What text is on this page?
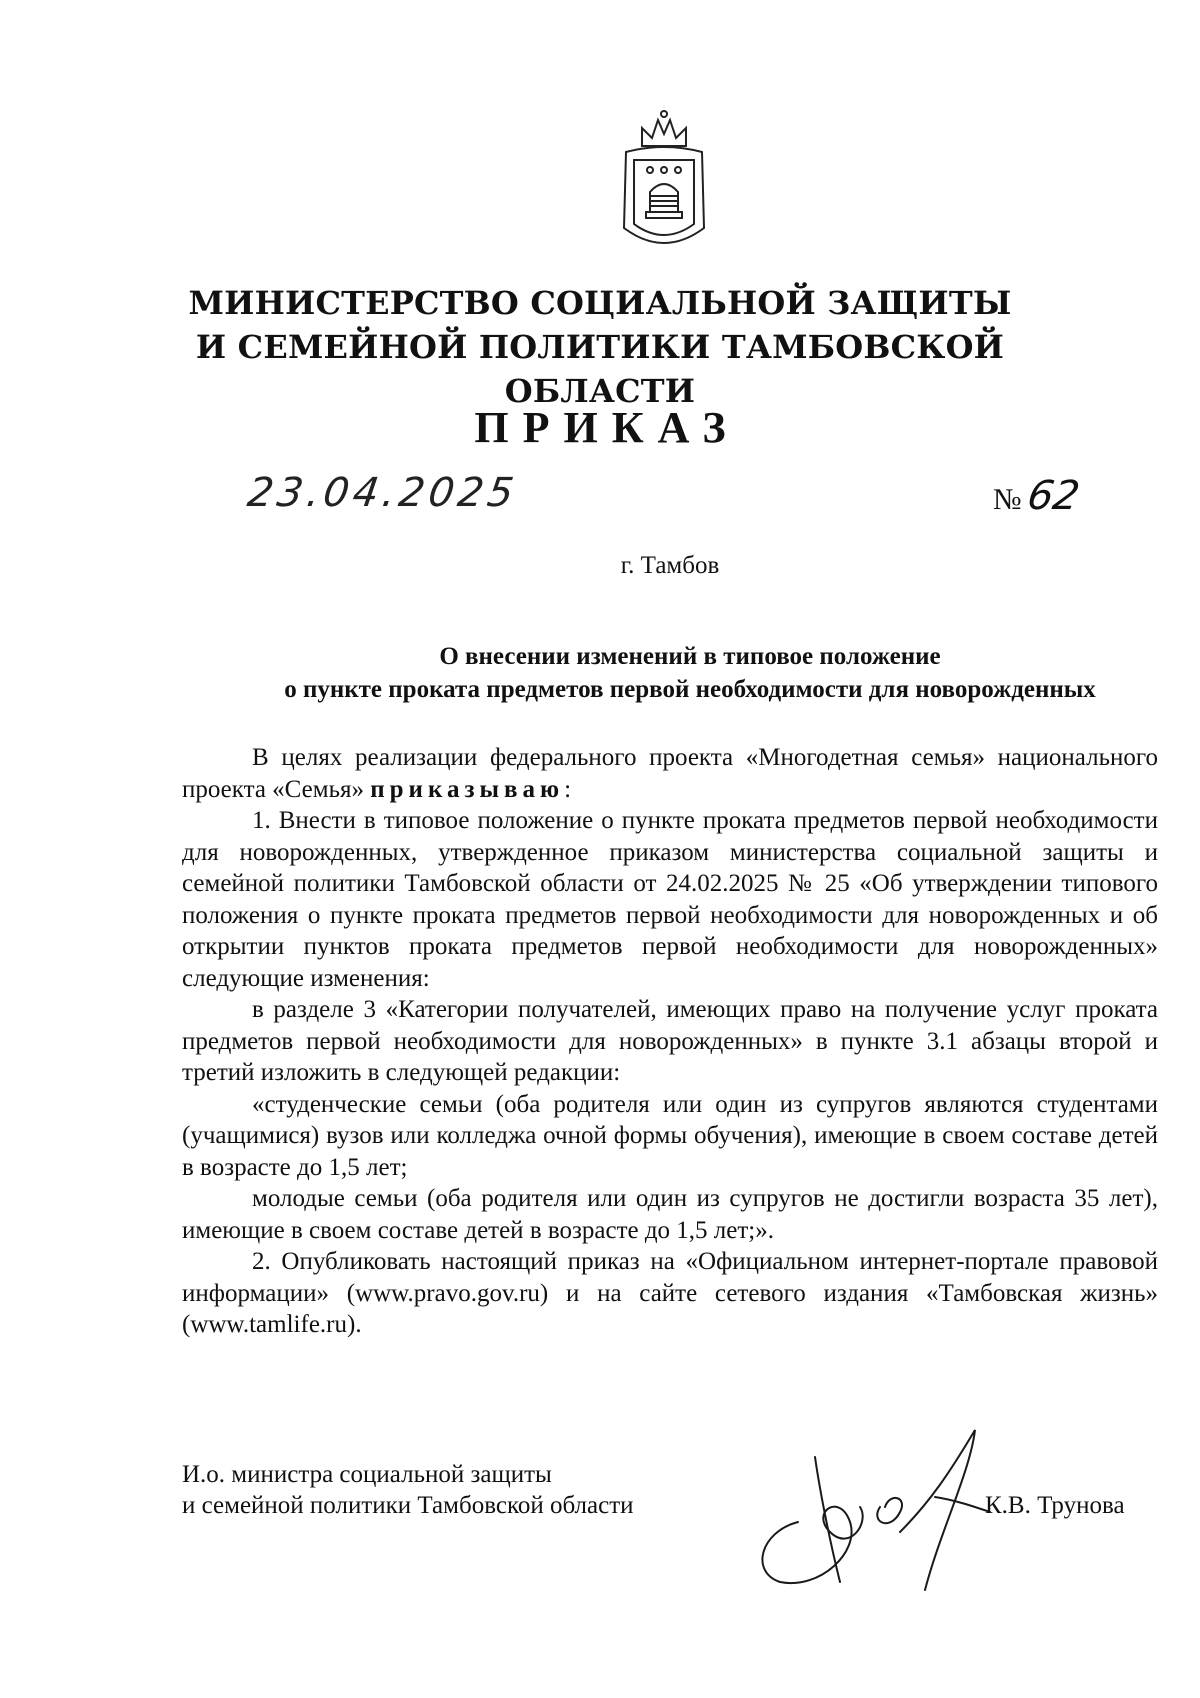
МИНИСТЕРСТВО СОЦИАЛЬНОЙ ЗАЩИТЫ
И СЕМЕЙНОЙ ПОЛИТИКИ ТАМБОВСКОЙ ОБЛАСТИ
ПРИКАЗ
23.04.2025	№62
г. Тамбов
О внесении изменений в типовое положение
о пункте проката предметов первой необходимости для новорожденных

В целях реализации федерального проекта «Многодетная семья» национального проекта «Семья» приказываю:

1. Внести в типовое положение о пункте проката предметов первой необходимости для новорожденных, утвержденное приказом министерства социальной защиты и семейной политики Тамбовской области от 24.02.2025 № 25 «Об утверждении типового положения о пункте проката предметов первой необходимости для новорожденных и об открытии пунктов проката предметов первой необходимости для новорожденных» следующие изменения:

в разделе 3 «Категории получателей, имеющих право на получение услуг проката предметов первой необходимости для новорожденных» в пункте 3.1 абзацы второй и третий изложить в следующей редакции:

«студенческие семьи (оба родителя или один из супругов являются студентами (учащимися) вузов или колледжа очной формы обучения), имеющие в своем составе детей в возрасте до 1,5 лет;

молодые семьи (оба родителя или один из супругов не достигли возраста 35 лет), имеющие в своем составе детей в возрасте до 1,5 лет;».

2. Опубликовать настоящий приказ на «Официальном интернет-портале правовой информации» (www.pravo.gov.ru) и на сайте сетевого издания «Тамбовская жизнь» (www.tamlife.ru).

И.о. министра социальной защиты
и семейной политики Тамбовской области	К.В. Трунова
